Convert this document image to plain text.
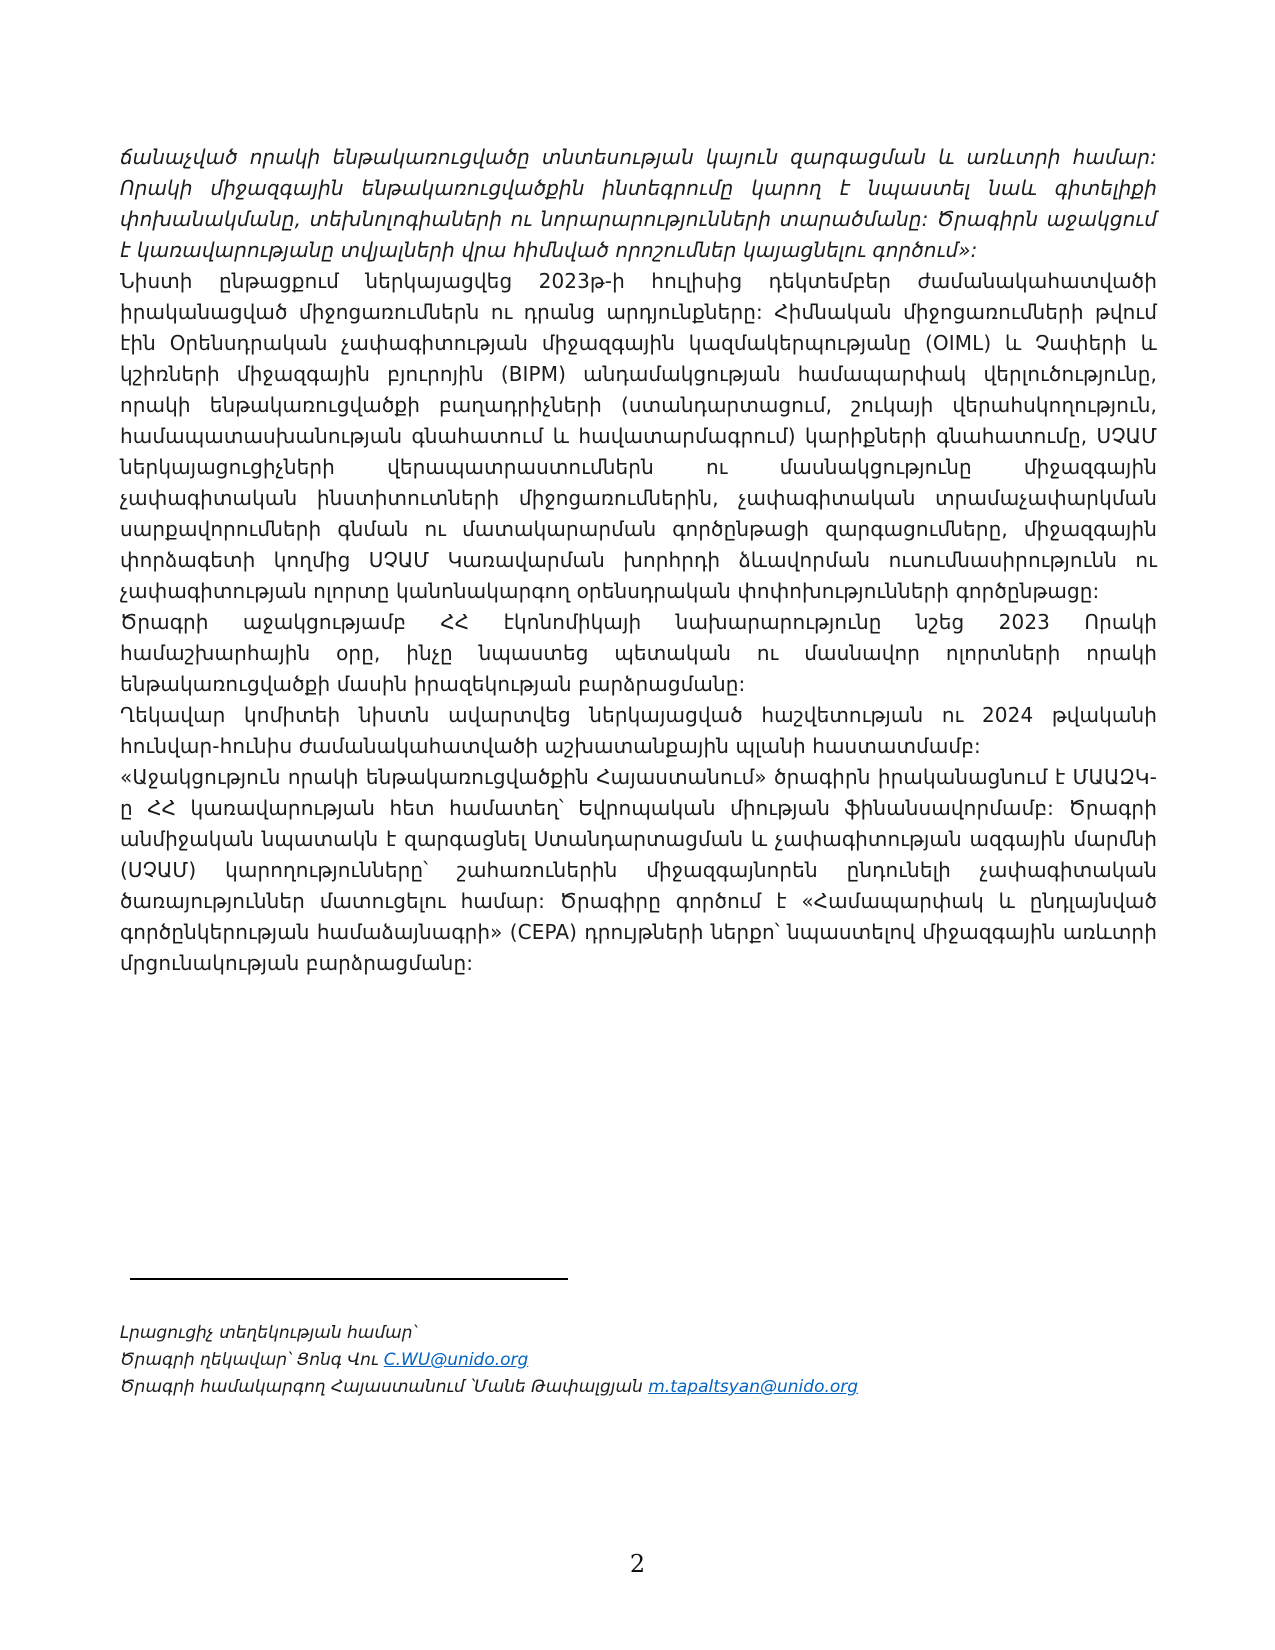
ճանաչված որակի ենթակառուցվածը տնտեսության կայուն զարգացման և առևտրի համար: Որակի միջազգային ենթակառուցվածքին ինտեգրումը կարող է նպաստել նաև գիտելիքի փոխանակմանը, տեխնոլոգիաների ու նորարարությունների տարածմանը: Ծրագիրն աջակցում է կառավարությանը տվյալների վրա հիմնված որոշումներ կայացնելու գործում»:

Նիստի ընթացքում ներկայացվեց 2023թ-ի հուլիսից դեկտեմբեր ժամանակահատվածի իրականացված միջոցառումներն ու դրանց արդյունքները: Հիմնական միջոցառումների թվում էին Օրենսդրական չափագիտության միջազգային կազմակերպությանը (OIML) և Չափերի և կշիռների միջազգային բյուրոյին (BIPM) անդամակցության համապարփակ վերլուծությունը, որակի ենթակառուցվածքի բաղադրիչների (ստանդարտացում, շուկայի վերահսկողություն, համապատասխանության գնահատում և հավատարմագրում) կարիքների գնահատումը, ՍՉԱՄ ներկայացուցիչների վերապատրաստումներն ու մասնակցությունը միջազգային չափագիտական ինստիտուտների միջոցառումներին, չափագիտական տրամաչափարկման սարքավորումների գնման ու մատակարարման գործընթացի զարգացումները, միջազգային փորձագետի կողմից ՍՉԱՄ Կառավարման խորհրդի ձևավորման ուսումնասիրությունն ու չափագիտության ոլորտը կանոնակարգող օրենսդրական փոփոխությունների գործընթացը:

Ծրագրի աջակցությամբ ՀՀ էկոնոմիկայի նախարարությունը նշեց 2023 Որակի համաշխարհային օրը, ինչը նպաստեց պետական ու մասնավոր ոլորտների որակի ենթակառուցվածքի մասին իրազեկության բարձրացմանը:

Ղեկավար կոմիտեի նիստն ավարտվեց ներկայացված հաշվետության ու 2024 թվականի հունվար-հունիս ժամանակահատվածի աշխատանքային պլանի հաստատմամբ:

«Աջակցություն որակի ենթակառուցվածքին Հայաստանում» ծրագիրն իրականացնում է ՄԱԱԶԿ-ը ՀՀ կառավարության հետ համատեղ՝ Եվրոպական միության ֆինանսավորմամբ: Ծրագրի անմիջական նպատակն է զարգացնել Ստանդարտացման և չափագիտության ազգային մարմնի (ՍՉԱՄ) կարողությունները՝ շահառուներին միջազգայնորեն ընդունելի չափագիտական ծառայություններ մատուցելու համար: Ծրագիրը գործում է «Համապարփակ և ընդլայնված գործընկերության համաձայնագրի» (CEPA) դրույթների ներքո՝ նպաստելով միջազգային առևտրի մրցունակության բարձրացմանը:

Լրացուցիչ տեղեկության համար՝

Ծրագրի ղեկավար՝ Ցոնգ Վու C.WU@unido.org

Ծրագրի համակարգող Հայաստանում ՝Մանե Թափալցյան m.tapaltsyan@unido.org

2
